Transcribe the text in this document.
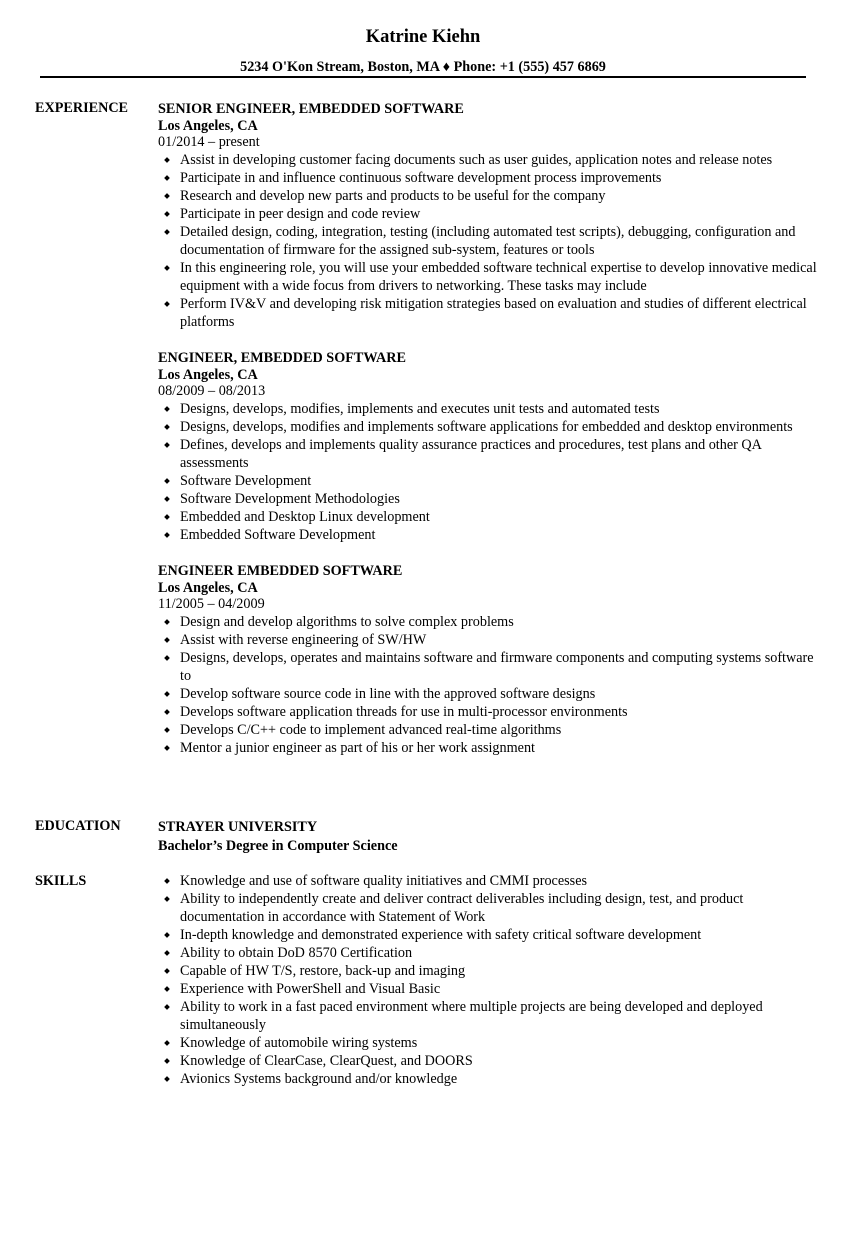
Katrine Kiehn
5234 O'Kon Stream, Boston, MA ♦ Phone: +1 (555) 457 6869
EXPERIENCE SENIOR ENGINEER, EMBEDDED SOFTWARE
Los Angeles, CA
01/2014 – present
Assist in developing customer facing documents such as user guides, application notes and release notes
Participate in and influence continuous software development process improvements
Research and develop new parts and products to be useful for the company
Participate in peer design and code review
Detailed design, coding, integration, testing (including automated test scripts), debugging, configuration and documentation of firmware for the assigned sub-system, features or tools
In this engineering role, you will use your embedded software technical expertise to develop innovative medical equipment with a wide focus from drivers to networking. These tasks may include
Perform IV&V and developing risk mitigation strategies based on evaluation and studies of different electrical platforms
ENGINEER, EMBEDDED SOFTWARE
Los Angeles, CA
08/2009 – 08/2013
Designs, develops, modifies, implements and executes unit tests and automated tests
Designs, develops, modifies and implements software applications for embedded and desktop environments
Defines, develops and implements quality assurance practices and procedures, test plans and other QA assessments
Software Development
Software Development Methodologies
Embedded and Desktop Linux development
Embedded Software Development
ENGINEER EMBEDDED SOFTWARE
Los Angeles, CA
11/2005 – 04/2009
Design and develop algorithms to solve complex problems
Assist with reverse engineering of SW/HW
Designs, develops, operates and maintains software and firmware components and computing systems software to
Develop software source code in line with the approved software designs
Develops software application threads for use in multi-processor environments
Develops C/C++ code to implement advanced real-time algorithms
Mentor a junior engineer as part of his or her work assignment
EDUCATION	STRAYER UNIVERSITY
Bachelor’s Degree in Computer Science
SKILLS	Knowledge and use of software quality initiatives and CMMI processes
Ability to independently create and deliver contract deliverables including design, test, and product documentation in accordance with Statement of Work
In-depth knowledge and demonstrated experience with safety critical software development
Ability to obtain DoD 8570 Certification
Capable of HW T/S, restore, back-up and imaging
Experience with PowerShell and Visual Basic
Ability to work in a fast paced environment where multiple projects are being developed and deployed simultaneously
Knowledge of automobile wiring systems
Knowledge of ClearCase, ClearQuest, and DOORS
Avionics Systems background and/or knowledge
